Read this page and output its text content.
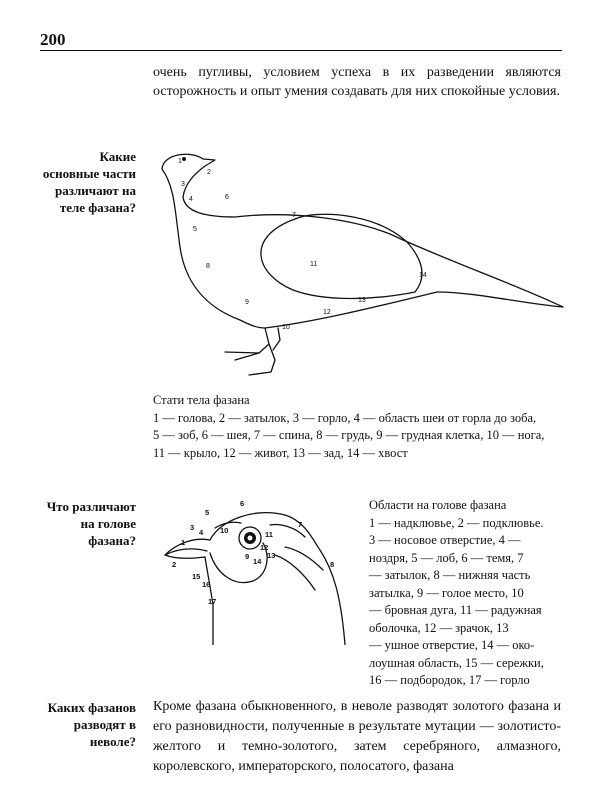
200
очень пугливы, условием успеха в их разведении являются осторожность и опыт умения создавать для них спокойные условия.
Какие основные части различают на теле фазана?
Что различают на голове фазана?
Каких фазанов разводят в неволе?
1
2
3
4
5
6
7
8
9
10
11
12
13
14
Стати тела фазана
1 — голова, 2 — затылок, 3 — горло, 4 — область шеи от горла до зоба,
5 — зоб, 6 — шея, 7 — спина, 8 — грудь, 9 — грудная клетка, 10 — нога,
11 — крыло, 12 — живот, 13 — зад, 14 — хвост
5
6
7
8
3
4
1
2
10	11
12
13
14
9
15
16
17
Области на голове фазана
1 — надклювье, 2 — подклювье.
3 — носовое отверстие, 4 —
ноздря, 5 — лоб, 6 — темя, 7
— затылок, 8 — нижняя часть
затылка, 9 — голое место, 10
— бровная дуга, 11 — радужная
оболочка, 12 — зрачок, 13
— ушное отверстие, 14 — око-
лоушная область, 15 — сережки,
16 — подбородок, 17 — горло
Кроме фазана обыкновенного, в неволе разводят золотого фазана и его разновидности, полученные в результате мутации — золотисто-желтого и темно-золотого, затем серебряного, алмазного, королевского, императорского, полосатого, фазана
